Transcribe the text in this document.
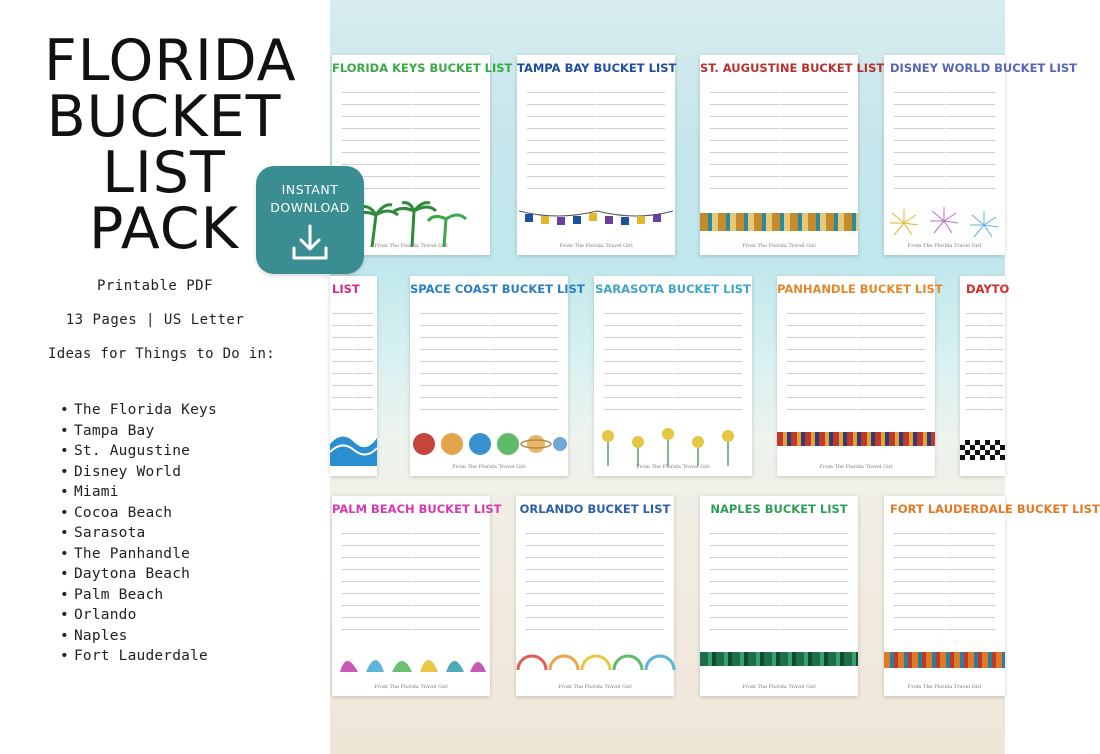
FLORIDA
BUCKET
LIST
PACK
Printable PDF
13 Pages | US Letter
Ideas for Things to Do in:
• The Florida Keys
• Tampa Bay
• St. Augustine
• Disney World
• Miami
• Cocoa Beach
• Sarasota
• The Panhandle
• Daytona Beach
• Palm Beach
• Orlando
• Naples
• Fort Lauderdale
FLORIDA KEYS BUCKET LIST
From The Florida Travel Girl
INSTANT
DOWNLOAD
TAMPA BAY BUCKET LIST
From The Florida Travel Girl
ST. AUGUSTINE BUCKET LIST
From The Florida Travel Girl
DISNEY WORLD BUCKET LIST
From The Florida Travel Girl
LIST	SPACE COAST BUCKET LIST
From The Florida Travel Girl
SARASOTA BUCKET LIST
From The Florida Travel Girl
PANHANDLE BUCKET LIST
From The Florida Travel Girl
DAYTO
PALM BEACH BUCKET LIST
From The Florida Travel Girl
ORLANDO BUCKET LIST
From The Florida Travel Girl
NAPLES BUCKET LIST
From The Florida Travel Girl
FORT LAUDERDALE BUCKET LIST
From The Florida Travel Girl
